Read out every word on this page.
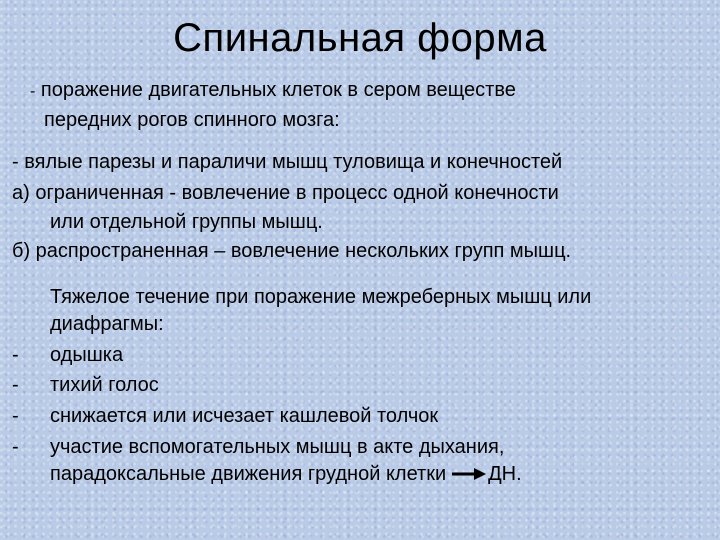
Спинальная форма
- поражение двигательных клеток в сером веществе
передних рогов спинного мозга:
- вялые парезы и параличи мышц туловища и конечностей
а) ограниченная - вовлечение в процесс одной конечности
или отдельной группы мышц.
б) распространенная – вовлечение нескольких групп мышц.
Тяжелое течение при поражение межреберных мышц или
диафрагмы:
- одышка
- тихий голос
- снижается или исчезает кашлевой толчок
- участие вспомогательных мышц в акте дыхания,
парадоксальные движения грудной клетки ДН.
